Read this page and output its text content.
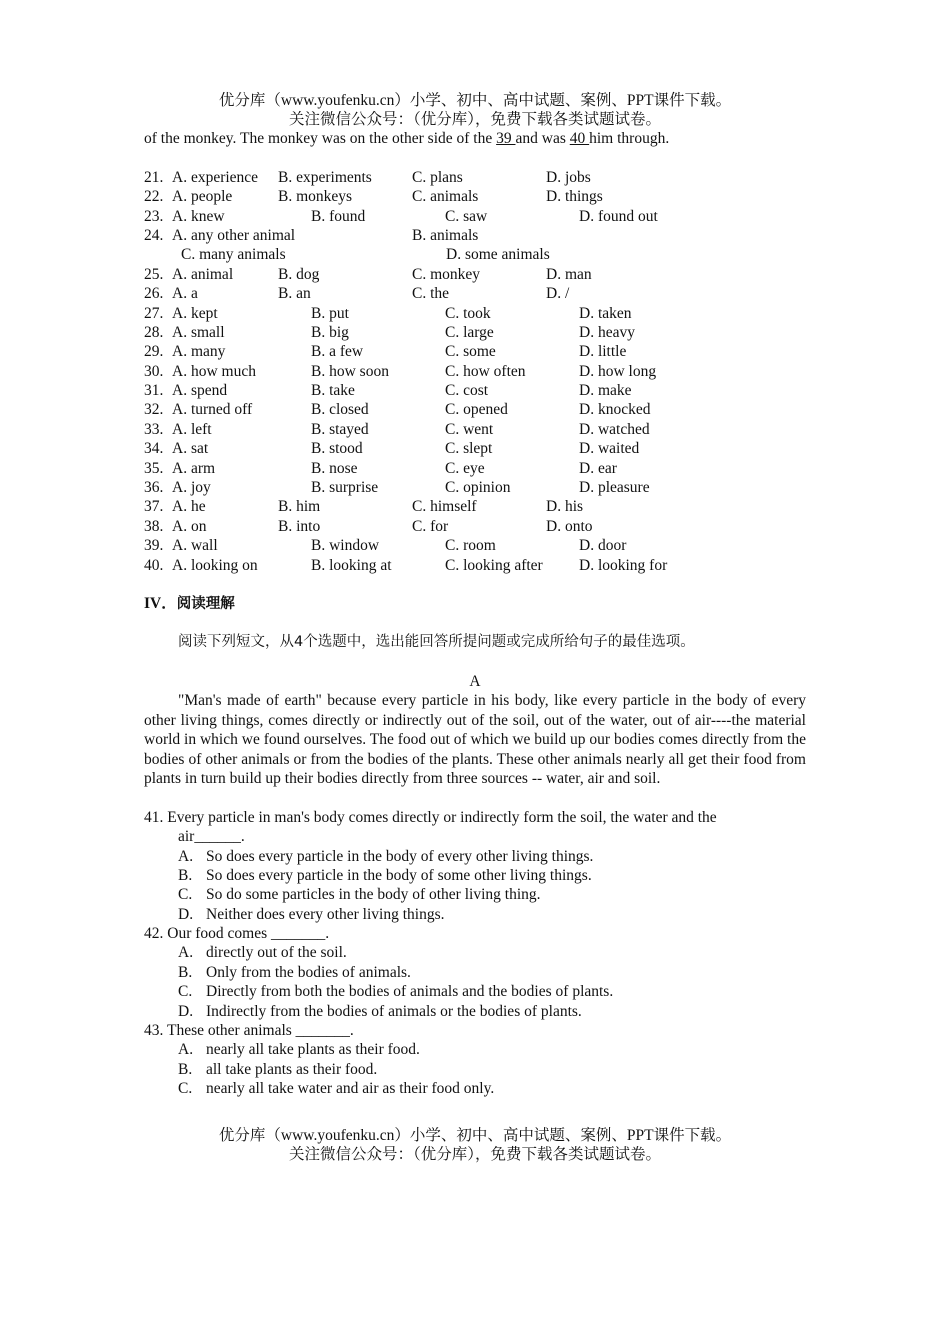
优分库（www.youfenku.cn）小学、初中、高中试题、案例、PPT课件下载。
关注微信公众号：（优分库），免费下载各类试题试卷。
of the monkey. The monkey was on the other side of the 39 and was 40 him through.
21. A. experience B. experiments	C. plans	D. jobs
22. A. people	B. monkeys	C. animals	D. things
23. A. knew	B. found	C. saw	D. found out
24. A. any other animal	B. animals
C. many animals	D. some animals
25. A. animal	B. dog	C. monkey	D. man
26. A. a	B. an	C. the	D. /
27. A. kept	B. put	C. took	D. taken
28. A. small	B. big	C. large	D. heavy
29. A. many	B. a few	C. some	D. little
30. A. how much	B. how soon	C. how often	D. how long
31. A. spend	B. take	C. cost	D. make
32. A. turned off	B. closed	C. opened	D. knocked
33. A. left	B. stayed	C. went	D. watched
34. A. sat	B. stood	C. slept	D. waited
35. A. arm	B. nose	C. eye	D. ear
36. A. joy	B. surprise	C. opinion	D. pleasure
37. A. he	B. him	C. himself	D. his
38. A. on	B. into	C. for	D. onto
39. A. wall	B. window	C. room	D. door
40. A. looking on	B. looking at	C. looking after D. looking for
IV．阅读理解
阅读下列短文，从4个选题中，选出能回答所提问题或完成所给句子的最佳选项。
A
"Man's made of earth" because every particle in his body, like every particle in the body of every other living things, comes directly or indirectly out of the soil, out of the water, out of air----the material world in which we found ourselves. The food out of which we build up our bodies comes directly from the bodies of other animals or from the bodies of the plants. These other animals nearly all get their food from plants in turn build up their bodies directly from three sources -- water, air and soil.
41. Every particle in man's body comes directly or indirectly form the soil, the water and the
air______.
A. So does every particle in the body of every other living things.
B. So does every particle in the body of some other living things.
C. So do some particles in the body of other living thing.
D. Neither does every other living things.
42. Our food comes _______.
A. directly out of the soil.
B. Only from the bodies of animals.
C. Directly from both the bodies of animals and the bodies of plants.
D. Indirectly from the bodies of animals or the bodies of plants.
43. These other animals _______.
A. nearly all take plants as their food.
B. all take plants as their food.
C. nearly all take water and air as their food only.
优分库（www.youfenku.cn）小学、初中、高中试题、案例、PPT课件下载。
关注微信公众号：（优分库），免费下载各类试题试卷。
